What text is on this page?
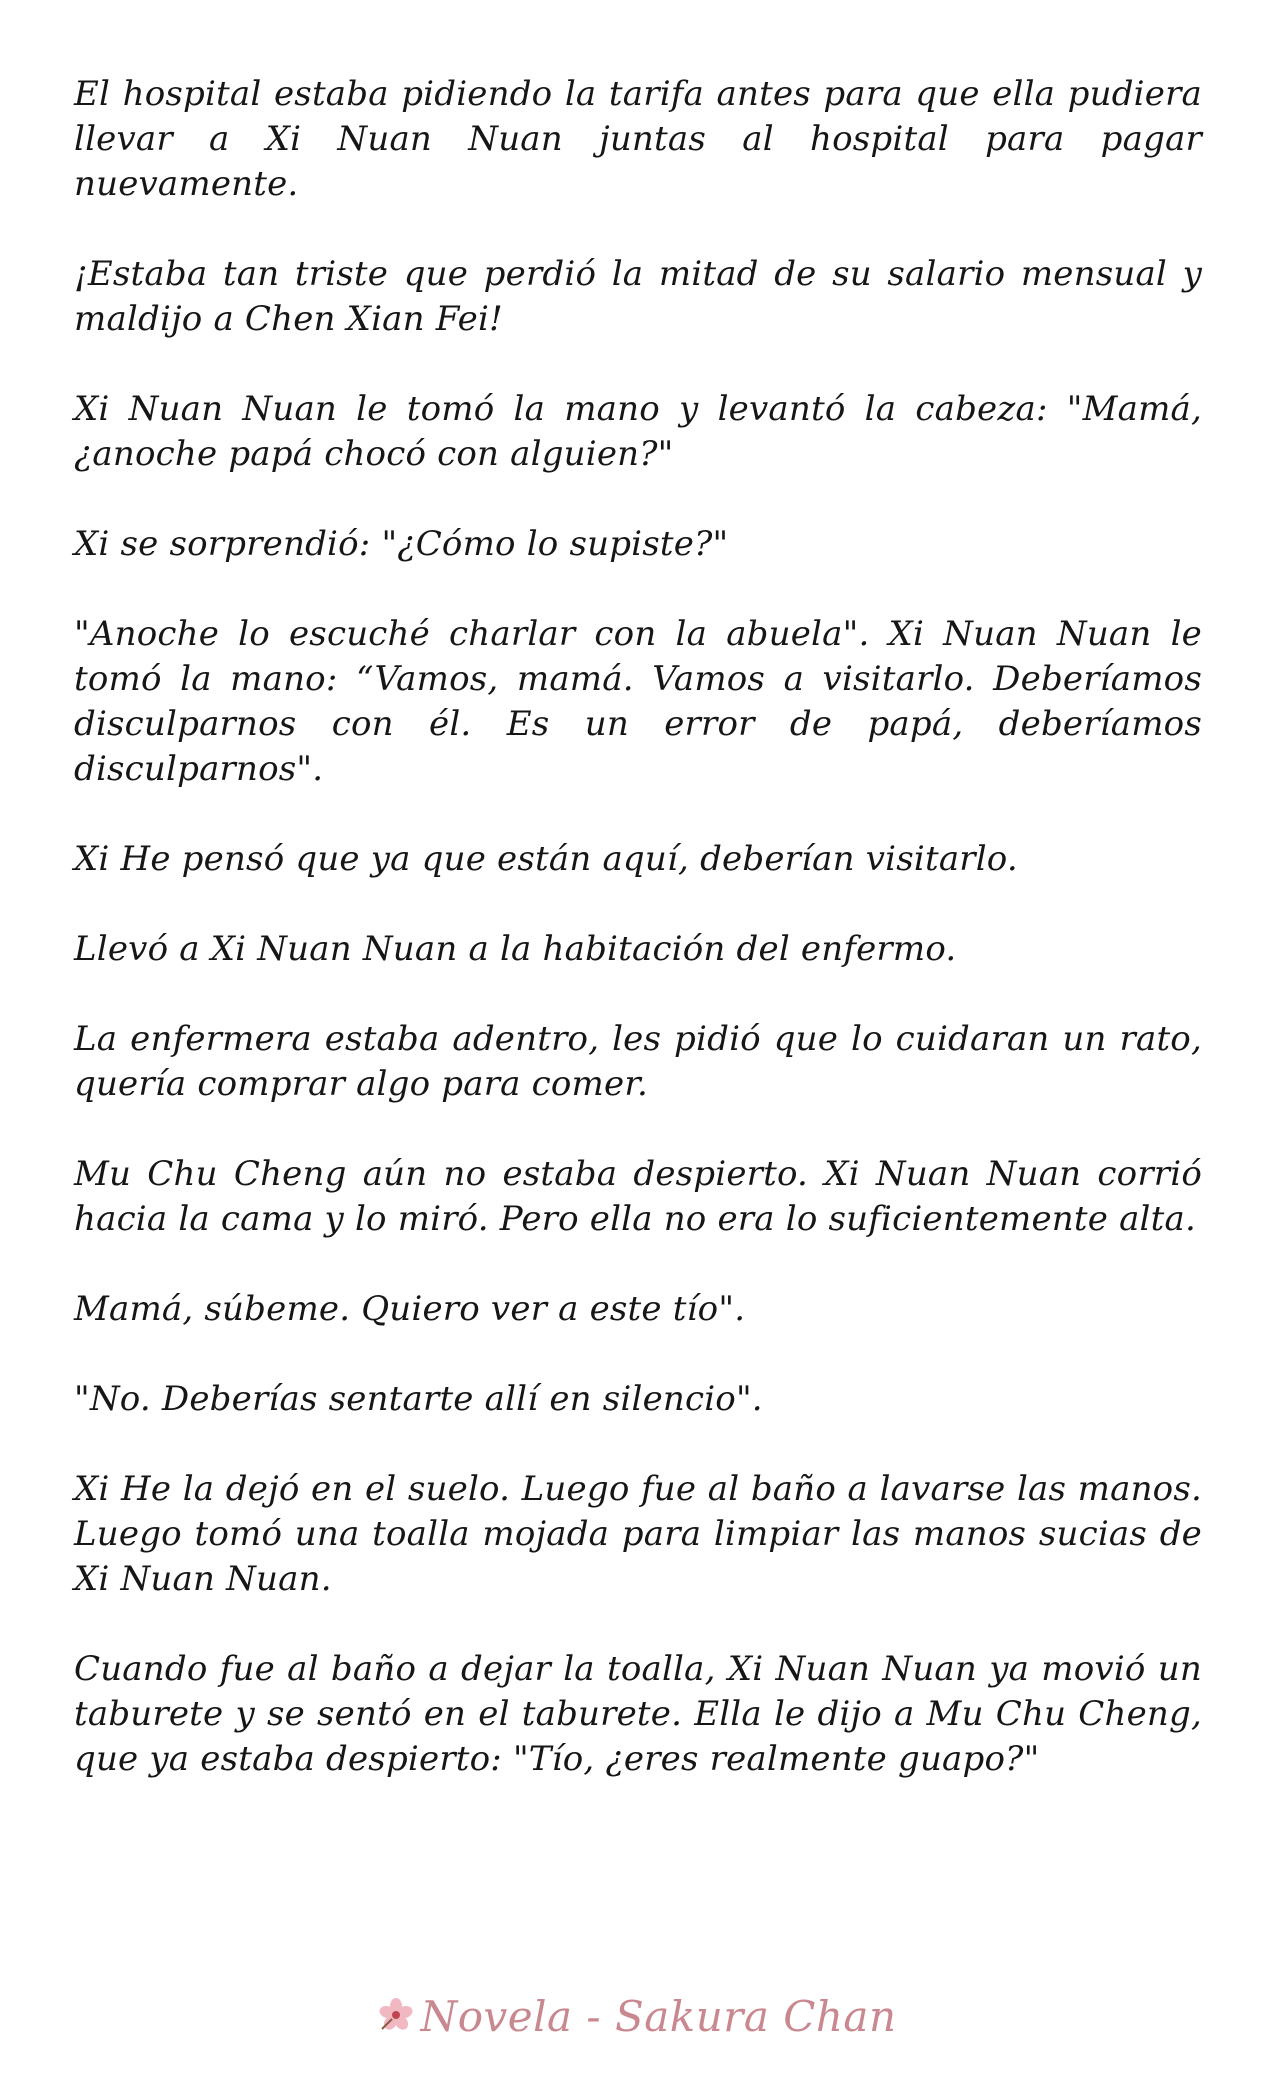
El hospital estaba pidiendo la tarifa antes para que ella pudiera llevar a Xi Nuan Nuan juntas al hospital para pagar nuevamente.

¡Estaba tan triste que perdió la mitad de su salario mensual y maldijo a Chen Xian Fei!

Xi Nuan Nuan le tomó la mano y levantó la cabeza: "Mamá, ¿anoche papá chocó con alguien?"

Xi se sorprendió: "¿Cómo lo supiste?"

"Anoche lo escuché charlar con la abuela". Xi Nuan Nuan le tomó la mano: “Vamos, mamá. Vamos a visitarlo. Deberíamos disculparnos con él. Es un error de papá, deberíamos disculparnos".

Xi He pensó que ya que están aquí, deberían visitarlo.

Llevó a Xi Nuan Nuan a la habitación del enfermo.

La enfermera estaba adentro, les pidió que lo cuidaran un rato, quería comprar algo para comer.

Mu Chu Cheng aún no estaba despierto. Xi Nuan Nuan corrió hacia la cama y lo miró. Pero ella no era lo suficientemente alta.

Mamá, súbeme. Quiero ver a este tío".

"No. Deberías sentarte allí en silencio".

Xi He la dejó en el suelo. Luego fue al baño a lavarse las manos. Luego tomó una toalla mojada para limpiar las manos sucias de Xi Nuan Nuan.

Cuando fue al baño a dejar la toalla, Xi Nuan Nuan ya movió un taburete y se sentó en el taburete. Ella le dijo a Mu Chu Cheng, que ya estaba despierto: "Tío, ¿eres realmente guapo?"

Novela - Sakura Chan
